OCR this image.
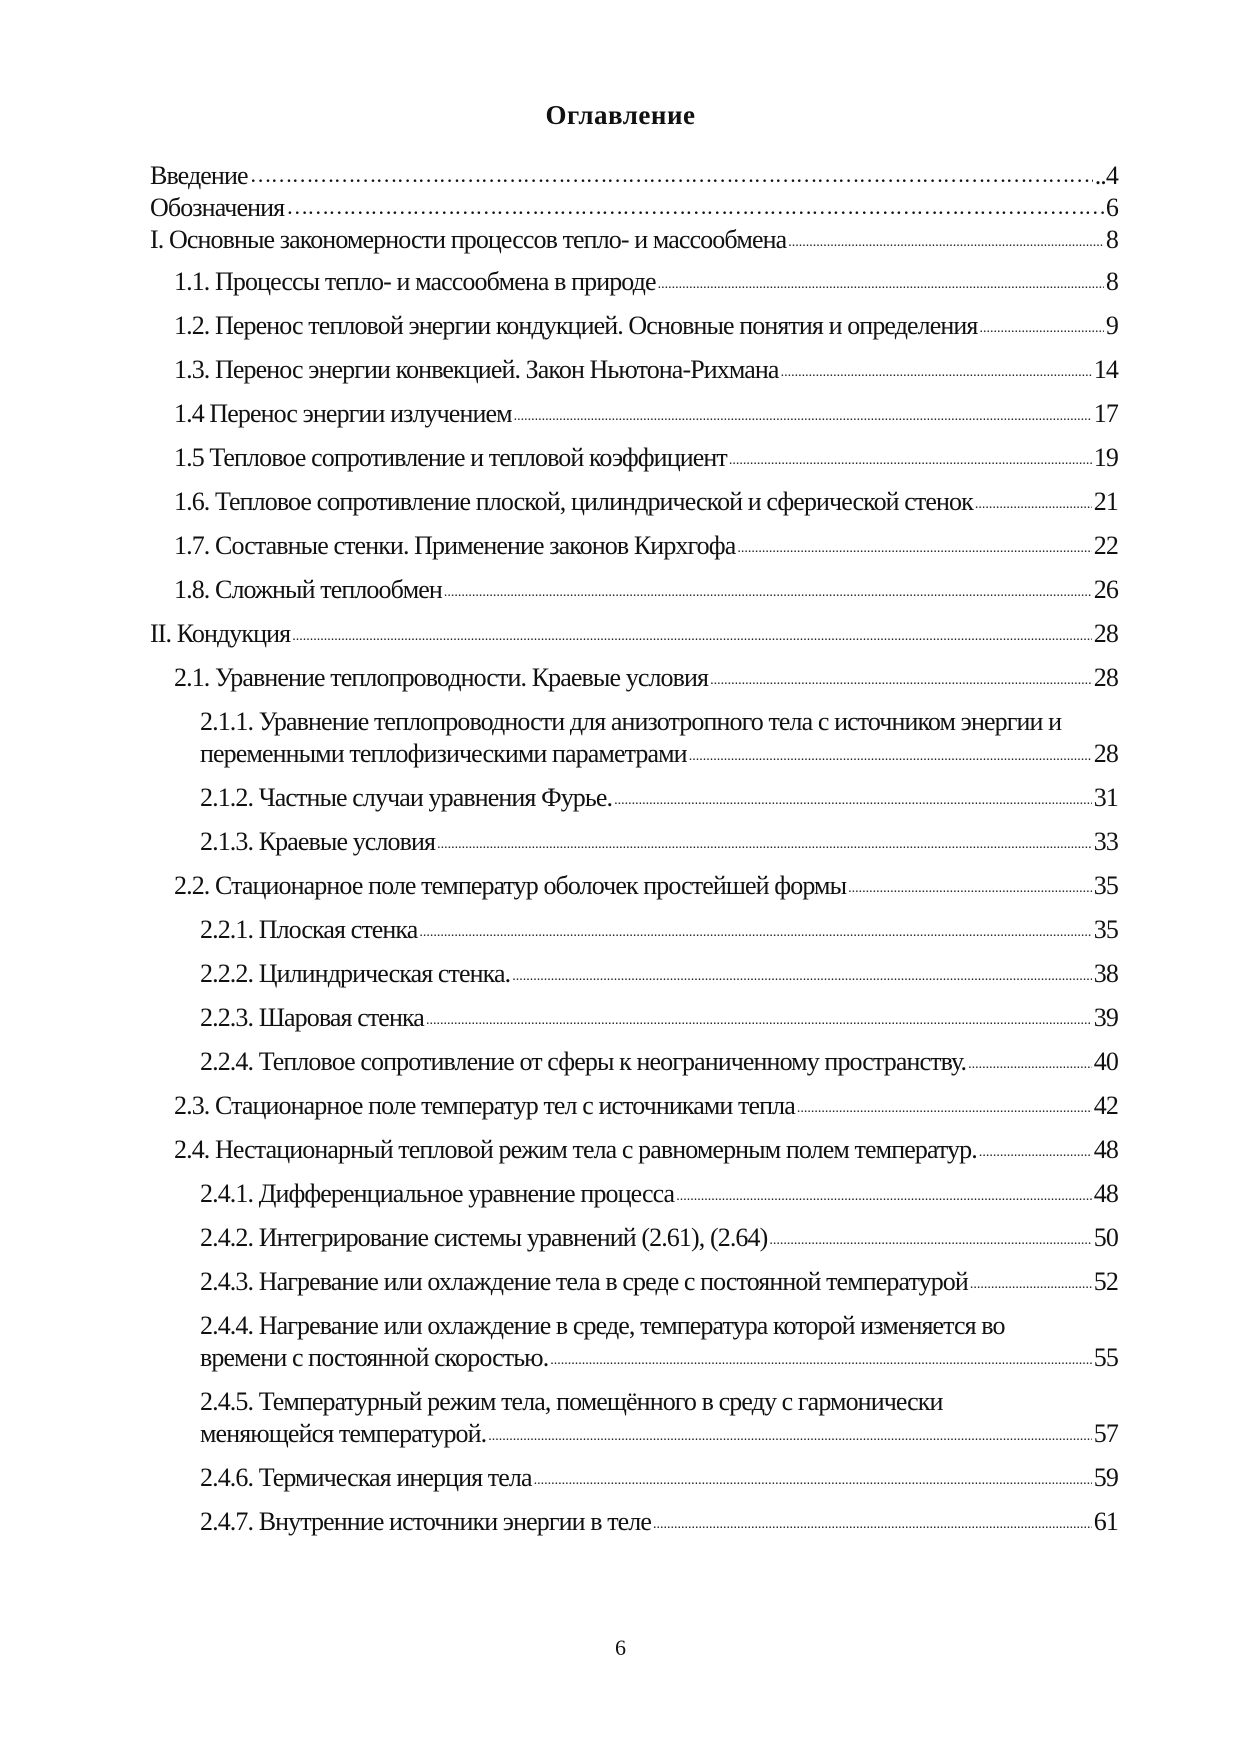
Оглавление
Введение …………………………………………………………………………………………………………………………………………………………………………………………………	..4
Обозначения …………………………………………………………………………………………………………………………………………………………………………………………………	6
I. Основные закономерности процессов тепло- и массообмена .....	8
1.1. Процессы тепло- и массообмена в природе .....	8
1.2. Перенос тепловой энергии кондукцией. Основные понятия и определения .....	9
1.3. Перенос энергии конвекцией. Закон Ньютона-Рихмана .....	14
1.4 Перенос энергии излучением .....	17
1.5 Тепловое сопротивление и тепловой коэффициент .....	19
1.6. Тепловое сопротивление плоской, цилиндрической и сферической стенок .....	21
1.7. Составные стенки. Применение законов Кирхгофа .....	22
1.8. Сложный теплообмен .....	26
II. Кондукция .....	28
2.1. Уравнение теплопроводности. Краевые условия .....	28
2.1.1. Уравнение теплопроводности для анизотропного тела с источником энергии и
переменными теплофизическими параметрами .....	28
2.1.2. Частные случаи уравнения Фурье. .....	31
2.1.3. Краевые условия .....	33
2.2. Стационарное поле температур оболочек простейшей формы .....	35
2.2.1. Плоская стенка .....	35
2.2.2. Цилиндрическая стенка. .....	38
2.2.3. Шаровая стенка .....	39
2.2.4. Тепловое сопротивление от сферы к неограниченному пространству. .....	40
2.3. Стационарное поле температур тел с источниками тепла .....	42
2.4. Нестационарный тепловой режим тела с равномерным полем температур. .....	48
2.4.1. Дифференциальное уравнение процесса .....	48
2.4.2. Интегрирование системы уравнений (2.61), (2.64) .....	50
2.4.3. Нагревание или охлаждение тела в среде с постоянной температурой .....	52
2.4.4. Нагревание или охлаждение в среде, температура которой изменяется во
времени с постоянной скоростью. .....	55
2.4.5. Температурный режим тела, помещённого в среду с гармонически
меняющейся температурой. .....	57
2.4.6. Термическая инерция тела .....	59
2.4.7. Внутренние источники энергии в теле .....	61
6
